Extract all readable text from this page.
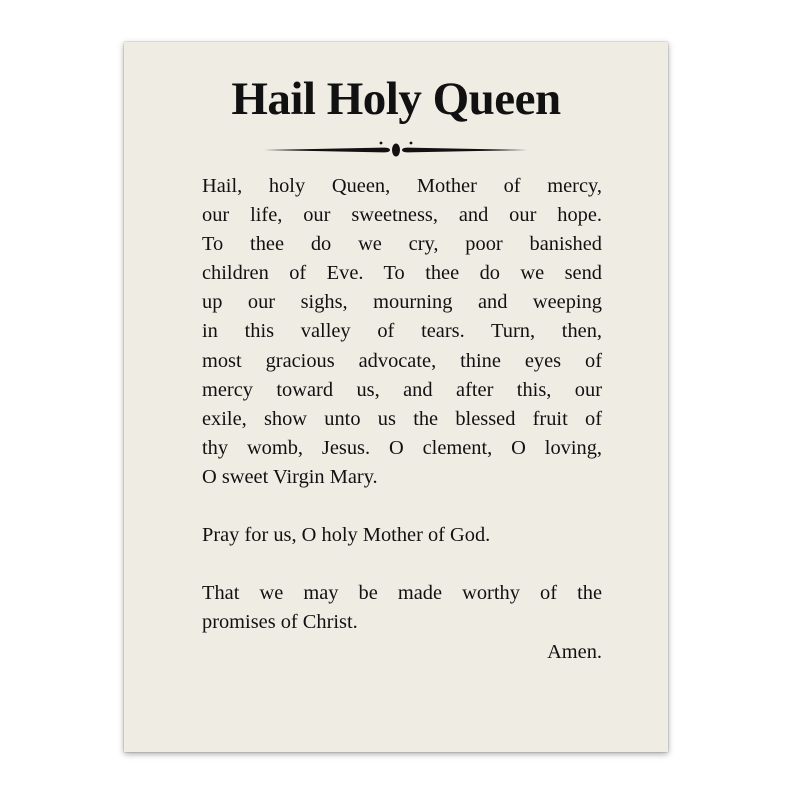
Hail Holy Queen
Hail, holy Queen, Mother of mercy,
our life, our sweetness, and our hope.
To thee do we cry, poor banished
children of Eve. To thee do we send
up our sighs, mourning and weeping
in this valley of tears. Turn, then,
most gracious advocate, thine eyes of
mercy toward us, and after this, our
exile, show unto us the blessed fruit of
thy womb, Jesus. O clement, O loving,
O sweet Virgin Mary.
Pray for us, O holy Mother of God.
That we may be made worthy of the
promises of Christ.
Amen.
